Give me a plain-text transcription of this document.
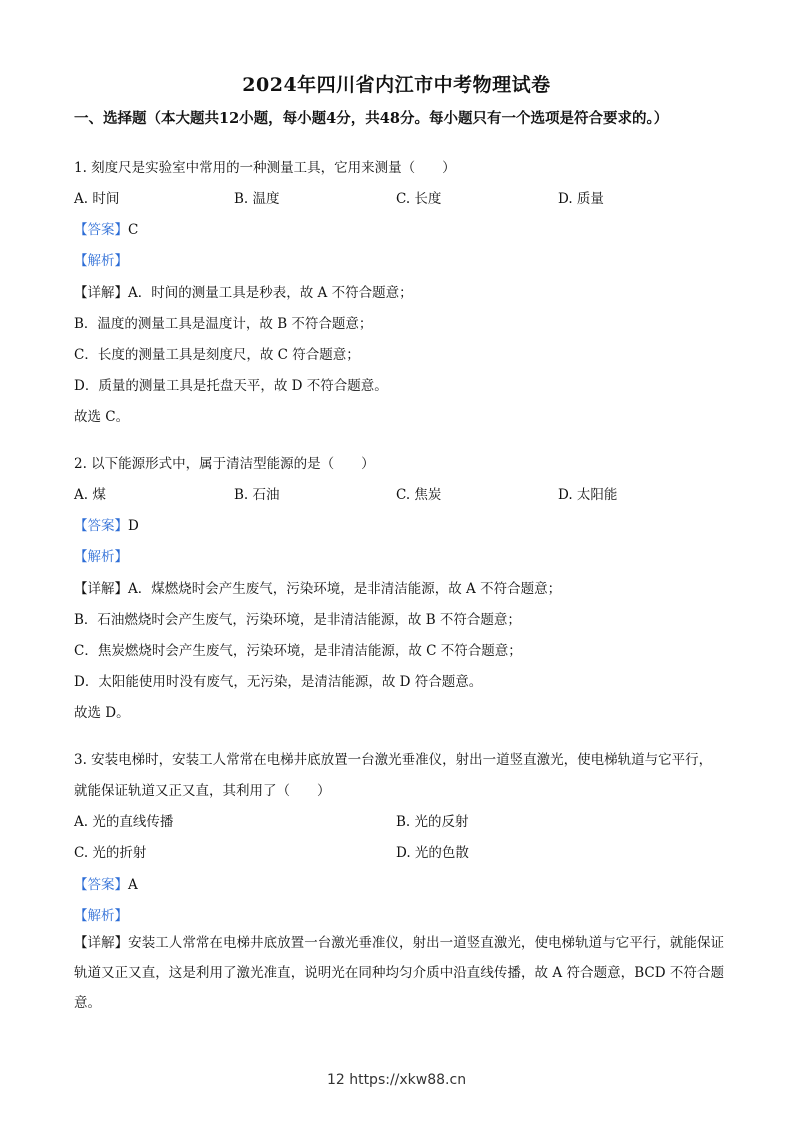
2024年四川省内江市中考物理试卷
一、选择题（本大题共12小题，每小题4分，共48分。每小题只有一个选项是符合要求的。）
1. 刻度尺是实验室中常用的一种测量工具，它用来测量（　　）
A. 时间	B. 温度	C. 长度	D. 质量
【答案】C
【解析】
【详解】A．时间的测量工具是秒表，故 A 不符合题意；
B．温度的测量工具是温度计，故 B 不符合题意；
C．长度的测量工具是刻度尺，故 C 符合题意；
D．质量的测量工具是托盘天平，故 D 不符合题意。
故选 C。
2. 以下能源形式中，属于清洁型能源的是（　　）
A. 煤	B. 石油	C. 焦炭	D. 太阳能
【答案】D
【解析】
【详解】A．煤燃烧时会产生废气，污染环境，是非清洁能源，故 A 不符合题意；
B．石油燃烧时会产生废气，污染环境，是非清洁能源，故 B 不符合题意；
C．焦炭燃烧时会产生废气，污染环境，是非清洁能源，故 C 不符合题意；
D．太阳能使用时没有废气，无污染，是清洁能源，故 D 符合题意。
故选 D。
3. 安装电梯时，安装工人常常在电梯井底放置一台激光垂准仪，射出一道竖直激光，使电梯轨道与它平行，
就能保证轨道又正又直，其利用了（　　）
A. 光的直线传播	B. 光的反射
C. 光的折射	D. 光的色散
【答案】A
【解析】
【详解】安装工人常常在电梯井底放置一台激光垂准仪，射出一道竖直激光，使电梯轨道与它平行，就能保证轨道又正又直，这是利用了激光准直，说明光在同种均匀介质中沿直线传播，故 A 符合题意，BCD 不符合题意。
12 https://xkw88.cn
